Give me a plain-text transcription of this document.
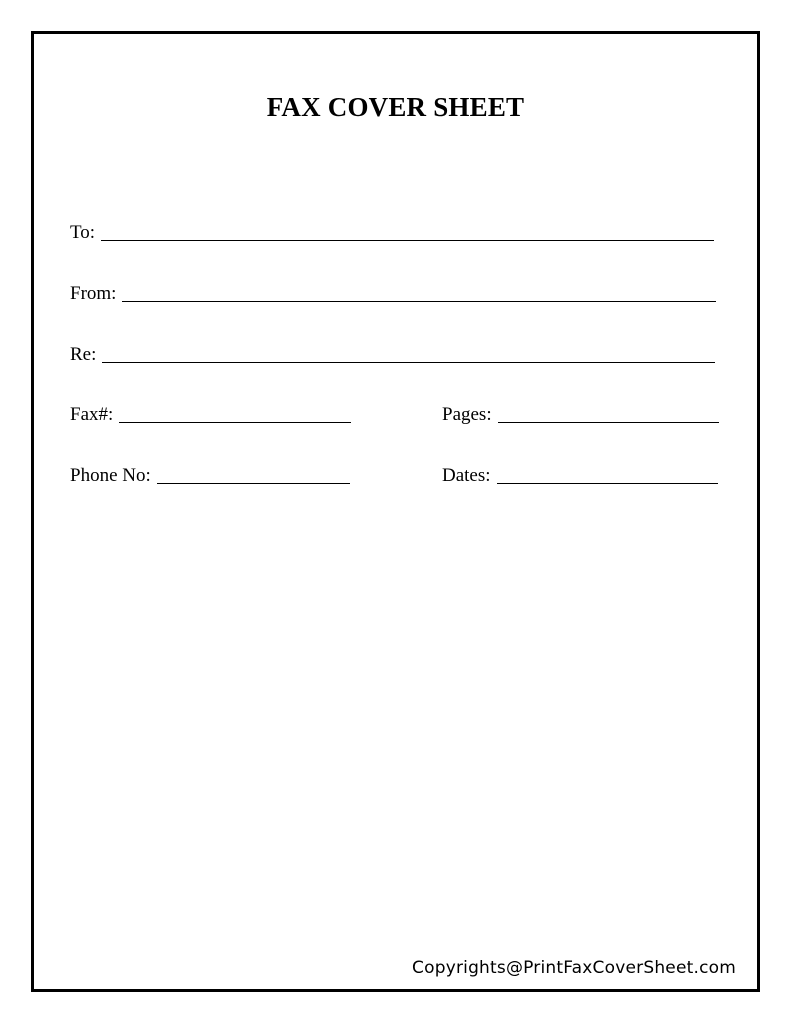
FAX COVER SHEET
To:
From:
Re:
Fax#:	Pages:
Phone No:	Dates:
Copyrights@PrintFaxCoverSheet.com
